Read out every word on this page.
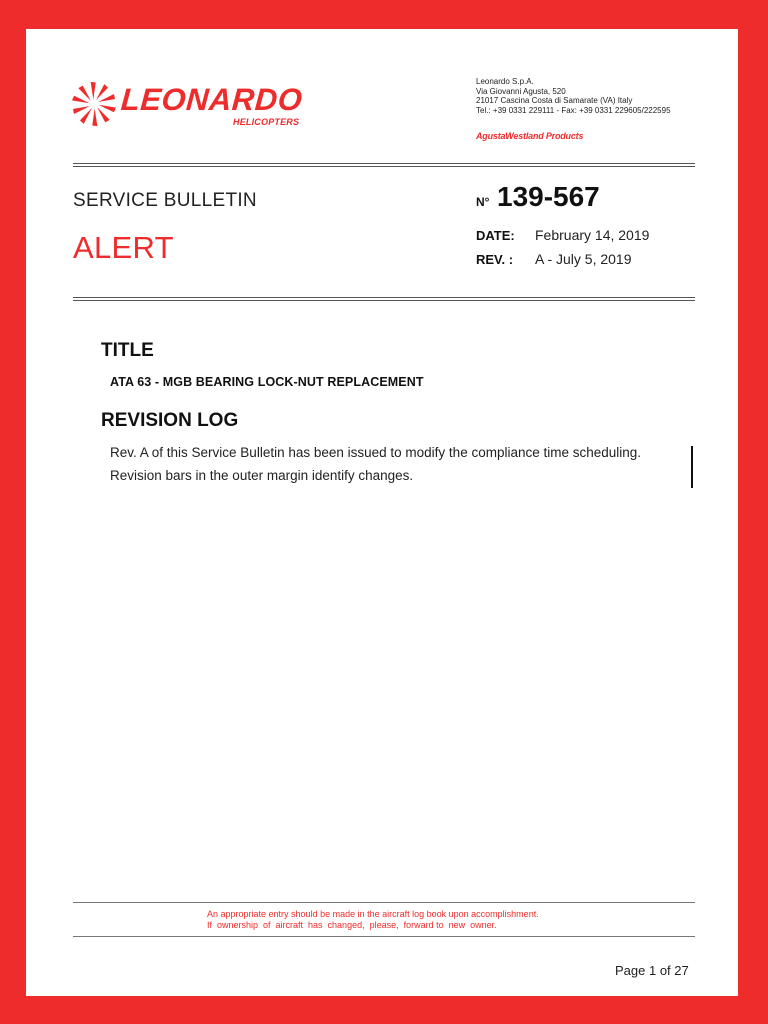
LEONARDO
HELICOPTERS
Leonardo S.p.A.
Via Giovanni Agusta, 520
21017 Cascina Costa di Samarate (VA) Italy
Tel.: +39 0331 229111 - Fax: +39 0331 229605/222595
AgustaWestland Products
SERVICE BULLETIN
ALERT
N° 139-567
DATE: February 14, 2019
REV. : A - July 5, 2019
TITLE
ATA 63 - MGB BEARING LOCK-NUT REPLACEMENT
REVISION LOG
Rev. A of this Service Bulletin has been issued to modify the compliance time scheduling.
Revision bars in the outer margin identify changes.
An appropriate entry should be made in the aircraft log book upon accomplishment.
If  ownership  of  aircraft  has  changed,  please,  forward to  new  owner.
Page 1 of 27
